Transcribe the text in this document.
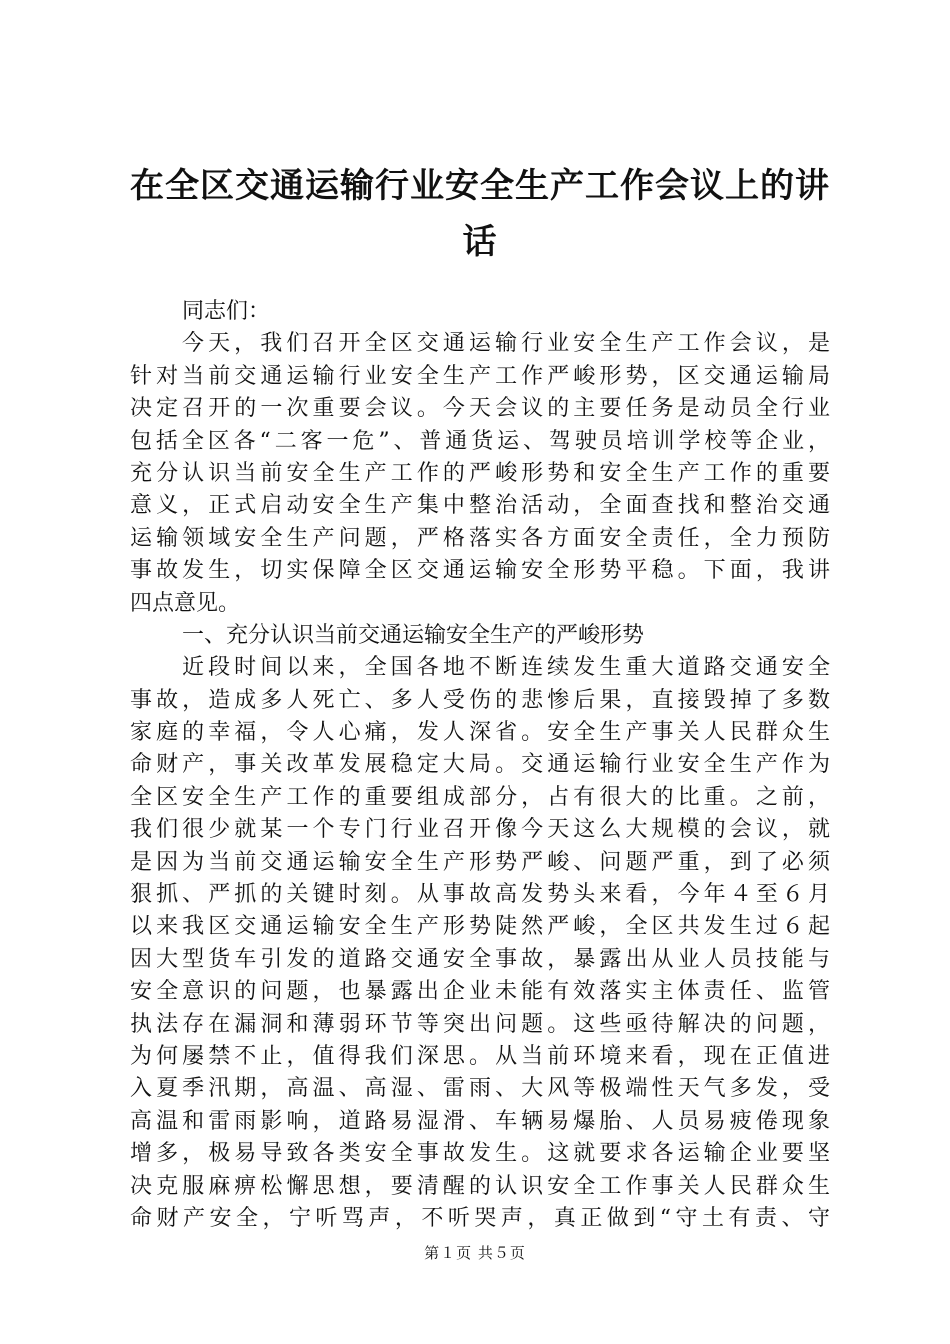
在全区交通运输行业安全生产工作会议上的讲
话
同志们：
今天，我们召开全区交通运输行业安全生产工作会议，是
针对当前交通运输行业安全生产工作严峻形势，区交通运输局
决定召开的一次重要会议。今天会议的主要任务是动员全行业
包括全区各“二客一危”、普通货运、驾驶员培训学校等企业，
充分认识当前安全生产工作的严峻形势和安全生产工作的重要
意义，正式启动安全生产集中整治活动，全面查找和整治交通
运输领域安全生产问题，严格落实各方面安全责任，全力预防
事故发生，切实保障全区交通运输安全形势平稳。下面，我讲
四点意见。
一、充分认识当前交通运输安全生产的严峻形势
近段时间以来，全国各地不断连续发生重大道路交通安全
事故，造成多人死亡、多人受伤的悲惨后果，直接毁掉了多数
家庭的幸福，令人心痛，发人深省。安全生产事关人民群众生
命财产，事关改革发展稳定大局。交通运输行业安全生产作为
全区安全生产工作的重要组成部分，占有很大的比重。之前，
我们很少就某一个专门行业召开像今天这么大规模的会议，就
是因为当前交通运输安全生产形势严峻、问题严重，到了必须
狠抓、严抓的关键时刻。从事故高发势头来看，今年４至６月
以来我区交通运输安全生产形势陡然严峻，全区共发生过６起
因大型货车引发的道路交通安全事故，暴露出从业人员技能与
安全意识的问题，也暴露出企业未能有效落实主体责任、监管
执法存在漏洞和薄弱环节等突出问题。这些亟待解决的问题，
为何屡禁不止，值得我们深思。从当前环境来看，现在正值进
入夏季汛期，高温、高湿、雷雨、大风等极端性天气多发，受
高温和雷雨影响，道路易湿滑、车辆易爆胎、人员易疲倦现象
增多，极易导致各类安全事故发生。这就要求各运输企业要坚
决克服麻痹松懈思想，要清醒的认识安全工作事关人民群众生
命财产安全，宁听骂声，不听哭声，真正做到“守土有责、守
第１页 共５页
